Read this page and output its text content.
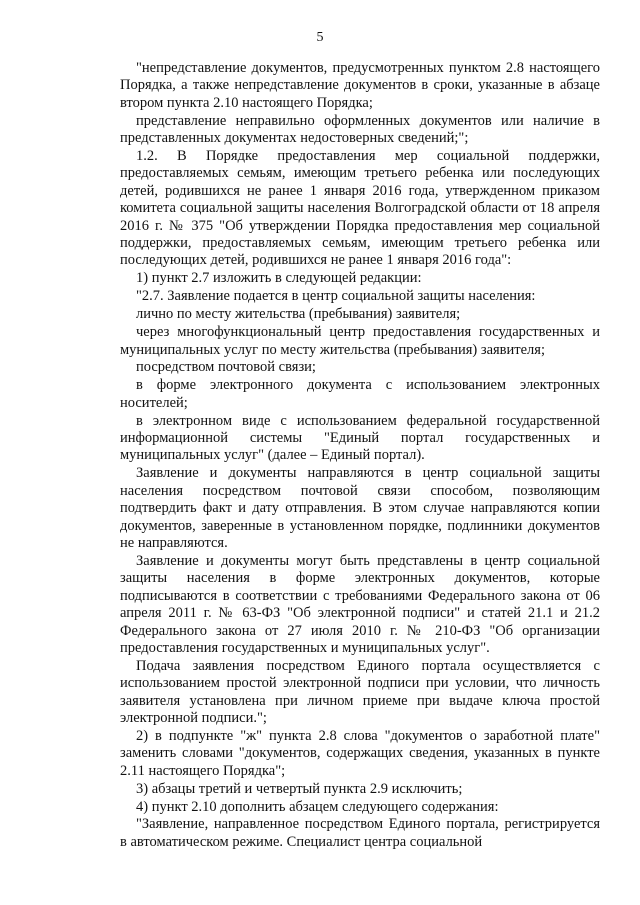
5

"непредставление документов, предусмотренных пунктом 2.8 настоящего Порядка, а также непредставление документов в сроки, указанные в абзаце втором пункта 2.10 настоящего Порядка;

представление неправильно оформленных документов или наличие в представленных документах недостоверных сведений;";

1.2. В Порядке предоставления мер социальной поддержки, предоставляемых семьям, имеющим третьего ребенка или последующих детей, родившихся не ранее 1 января 2016 года, утвержденном приказом комитета социальной защиты населения Волгоградской области от 18 апреля 2016 г. № 375 "Об утверждении Порядка предоставления мер социальной поддержки, предоставляемых семьям, имеющим третьего ребенка или последующих детей, родившихся не ранее 1 января 2016 года":

1) пункт 2.7 изложить в следующей редакции:

"2.7. Заявление подается в центр социальной защиты населения:

лично по месту жительства (пребывания) заявителя;

через многофункциональный центр предоставления государственных и муниципальных услуг по месту жительства (пребывания) заявителя;

посредством почтовой связи;

в форме электронного документа с использованием электронных носителей;

в электронном виде с использованием федеральной государственной информационной системы "Единый портал государственных и муниципальных услуг" (далее – Единый портал).

Заявление и документы направляются в центр социальной защиты населения посредством почтовой связи способом, позволяющим подтвердить факт и дату отправления. В этом случае направляются копии документов, заверенные в установленном порядке, подлинники документов не направляются.

Заявление и документы могут быть представлены в центр социальной защиты населения в форме электронных документов, которые подписываются в соответствии с требованиями Федерального закона от 06 апреля 2011 г. № 63-ФЗ "Об электронной подписи" и статей 21.1 и 21.2 Федерального закона от 27 июля 2010 г. № 210-ФЗ "Об организации предоставления государственных и муниципальных услуг".

Подача заявления посредством Единого портала осуществляется с использованием простой электронной подписи при условии, что личность заявителя установлена при личном приеме при выдаче ключа простой электронной подписи.";

2) в подпункте "ж" пункта 2.8 слова "документов о заработной плате" заменить словами "документов, содержащих сведения, указанных в пункте 2.11 настоящего Порядка";

3) абзацы третий и четвертый пункта 2.9 исключить;

4) пункт 2.10 дополнить абзацем следующего содержания:

"Заявление, направленное посредством Единого портала, регистрируется в автоматическом режиме. Специалист центра социальной
